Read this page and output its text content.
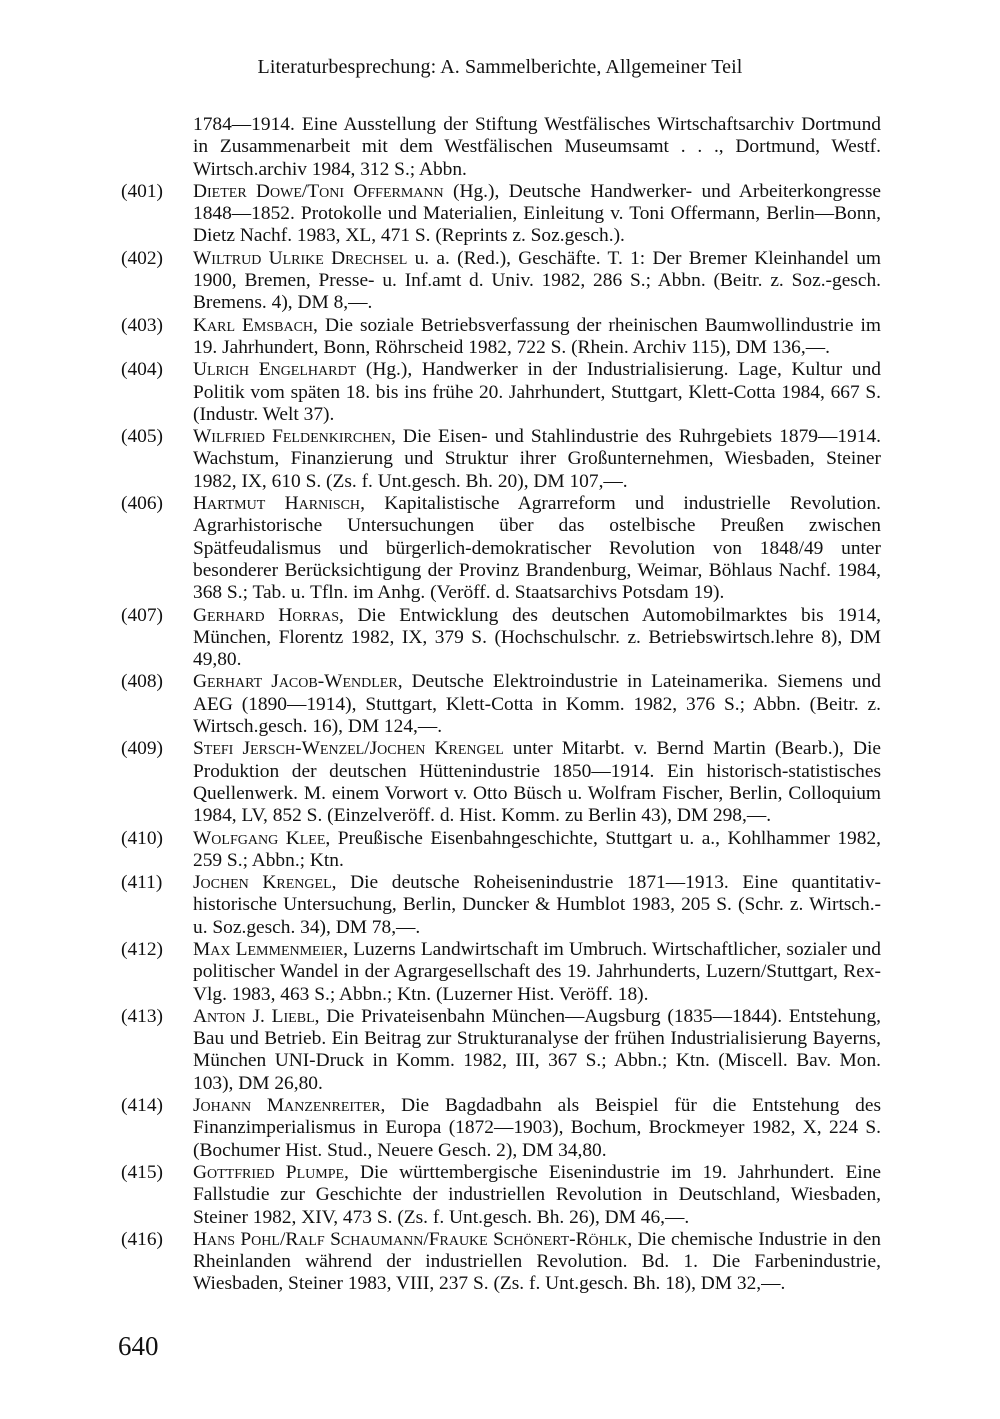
Literaturbesprechung: A. Sammelberichte, Allgemeiner Teil

1784—1914. Eine Ausstellung der Stiftung Westfälisches Wirtschaftsarchiv Dortmund in Zusammenarbeit mit dem Westfälischen Museumsamt . . ., Dortmund, Westf. Wirtsch.archiv 1984, 312 S.; Abbn.

(401)	Dieter Dowe/Toni Offermann (Hg.), Deutsche Handwerker- und Arbeiterkongresse 1848—1852. Protokolle und Materialien, Einleitung v. Toni Offermann, Berlin—Bonn, Dietz Nachf. 1983, XL, 471 S. (Reprints z. Soz.gesch.).

(402)	Wiltrud Ulrike Drechsel u. a. (Red.), Geschäfte. T. 1: Der Bremer Kleinhandel um 1900, Bremen, Presse- u. Inf.amt d. Univ. 1982, 286 S.; Abbn. (Beitr. z. Soz.-gesch. Bremens. 4), DM 8,—.

(403)	Karl Emsbach, Die soziale Betriebsverfassung der rheinischen Baumwollindustrie im 19. Jahrhundert, Bonn, Röhrscheid 1982, 722 S. (Rhein. Archiv 115), DM 136,—.

(404)	Ulrich Engelhardt (Hg.), Handwerker in der Industrialisierung. Lage, Kultur und Politik vom späten 18. bis ins frühe 20. Jahrhundert, Stuttgart, Klett-Cotta 1984, 667 S. (Industr. Welt 37).

(405)	Wilfried Feldenkirchen, Die Eisen- und Stahlindustrie des Ruhrgebiets 1879—1914. Wachstum, Finanzierung und Struktur ihrer Großunternehmen, Wiesbaden, Steiner 1982, IX, 610 S. (Zs. f. Unt.gesch. Bh. 20), DM 107,—.

(406)	Hartmut Harnisch, Kapitalistische Agrarreform und industrielle Revolution. Agrarhistorische Untersuchungen über das ostelbische Preußen zwischen Spätfeudalismus und bürgerlich-demokratischer Revolution von 1848/49 unter besonderer Berücksichtigung der Provinz Brandenburg, Weimar, Böhlaus Nachf. 1984, 368 S.; Tab. u. Tfln. im Anhg. (Veröff. d. Staatsarchivs Potsdam 19).

(407)	Gerhard Horras, Die Entwicklung des deutschen Automobilmarktes bis 1914, München, Florentz 1982, IX, 379 S. (Hochschulschr. z. Betriebswirtsch.lehre 8), DM 49,80.

(408)	Gerhart Jacob-Wendler, Deutsche Elektroindustrie in Lateinamerika. Siemens und AEG (1890—1914), Stuttgart, Klett-Cotta in Komm. 1982, 376 S.; Abbn. (Beitr. z. Wirtsch.gesch. 16), DM 124,—.

(409)	Stefi Jersch-Wenzel/Jochen Krengel unter Mitarbt. v. Bernd Martin (Bearb.), Die Produktion der deutschen Hüttenindustrie 1850—1914. Ein historisch-statistisches Quellenwerk. M. einem Vorwort v. Otto Büsch u. Wolfram Fischer, Berlin, Colloquium 1984, LV, 852 S. (Einzelveröff. d. Hist. Komm. zu Berlin 43), DM 298,—.

(410)	Wolfgang Klee, Preußische Eisenbahngeschichte, Stuttgart u. a., Kohlhammer 1982, 259 S.; Abbn.; Ktn.

(411)	Jochen Krengel, Die deutsche Roheisenindustrie 1871—1913. Eine quantitativ-historische Untersuchung, Berlin, Duncker & Humblot 1983, 205 S. (Schr. z. Wirtsch.- u. Soz.gesch. 34), DM 78,—.

(412)	Max Lemmenmeier, Luzerns Landwirtschaft im Umbruch. Wirtschaftlicher, sozialer und politischer Wandel in der Agrargesellschaft des 19. Jahrhunderts, Luzern/Stuttgart, Rex-Vlg. 1983, 463 S.; Abbn.; Ktn. (Luzerner Hist. Veröff. 18).

(413)	Anton J. Liebl, Die Privateisenbahn München—Augsburg (1835—1844). Entstehung, Bau und Betrieb. Ein Beitrag zur Strukturanalyse der frühen Industrialisierung Bayerns, München UNI-Druck in Komm. 1982, III, 367 S.; Abbn.; Ktn. (Miscell. Bav. Mon. 103), DM 26,80.

(414)	Johann Manzenreiter, Die Bagdadbahn als Beispiel für die Entstehung des Finanzimperialismus in Europa (1872—1903), Bochum, Brockmeyer 1982, X, 224 S. (Bochumer Hist. Stud., Neuere Gesch. 2), DM 34,80.

(415)	Gottfried Plumpe, Die württembergische Eisenindustrie im 19. Jahrhundert. Eine Fallstudie zur Geschichte der industriellen Revolution in Deutschland, Wiesbaden, Steiner 1982, XIV, 473 S. (Zs. f. Unt.gesch. Bh. 26), DM 46,—.

(416)	Hans Pohl/Ralf Schaumann/Frauke Schönert-Röhlk, Die chemische Industrie in den Rheinlanden während der industriellen Revolution. Bd. 1. Die Farbenindustrie, Wiesbaden, Steiner 1983, VIII, 237 S. (Zs. f. Unt.gesch. Bh. 18), DM 32,—.

640
